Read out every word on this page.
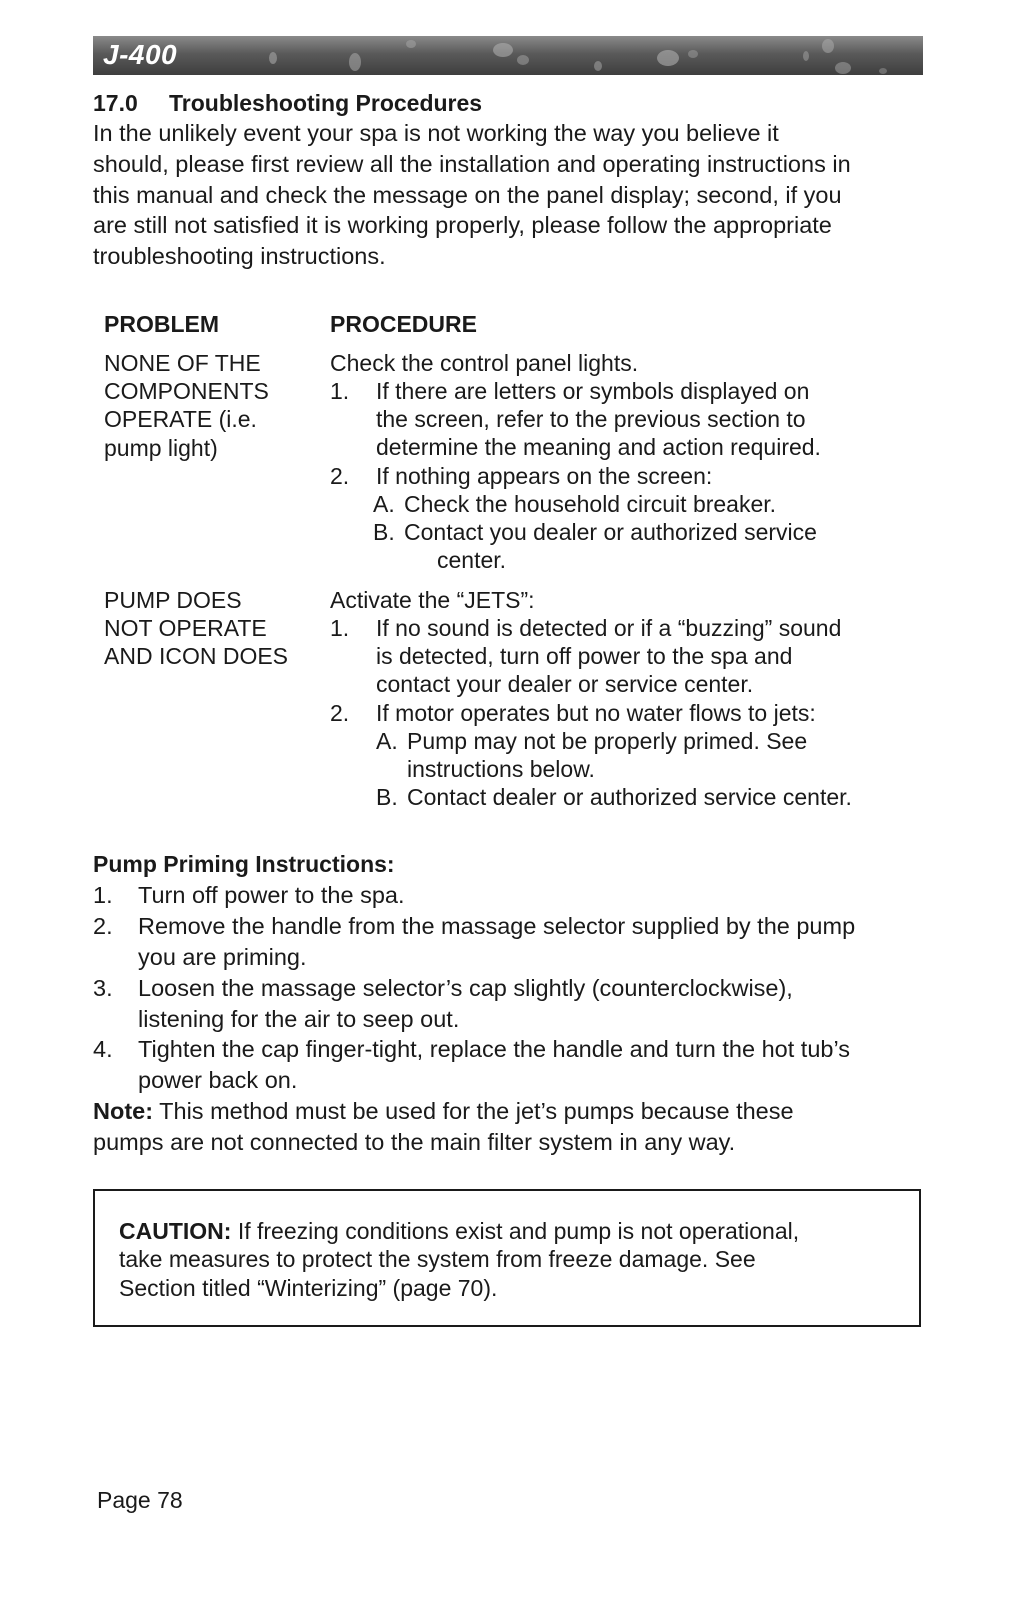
J-400
17.0 Troubleshooting Procedures

In the unlikely event your spa is not working the way you believe it

should, please first review all the installation and operating instructions in

this manual and check the message on the panel display; second, if you

are still not satisfied it is working properly, please follow the appropriate

troubleshooting instructions.

PROBLEM	PROCEDURE
NONE OF THE
COMPONENTS
OPERATE (i.e.
pump light)
Check the control panel lights.
1. If there are letters or symbols displayed on
the screen, refer to the previous section to
determine the meaning and action required.
2. If nothing appears on the screen:
A. Check the household circuit breaker.
B. Contact you dealer or authorized service
center.
PUMP DOES
NOT OPERATE
AND ICON DOES
Activate the “JETS”:
1. If no sound is detected or if a “buzzing” sound
is detected, turn off power to the spa and
contact your dealer or service center.
2. If motor operates but no water flows to jets:
A. Pump may not be properly primed. See
instructions below.
B. Contact dealer or authorized service center.
Pump Priming Instructions:
1. Turn off power to the spa.
2. Remove the handle from the massage selector supplied by the pump
you are priming.
3. Loosen the massage selector’s cap slightly (counterclockwise),
listening for the air to seep out.
4. Tighten the cap finger-tight, replace the handle and turn the hot tub’s
power back on.
Note: This method must be used for the jet’s pumps because these
pumps are not connected to the main filter system in any way.
CAUTION: If freezing conditions exist and pump is not operational,
take measures to protect the system from freeze damage. See
Section titled “Winterizing” (page 70).
Page 78
